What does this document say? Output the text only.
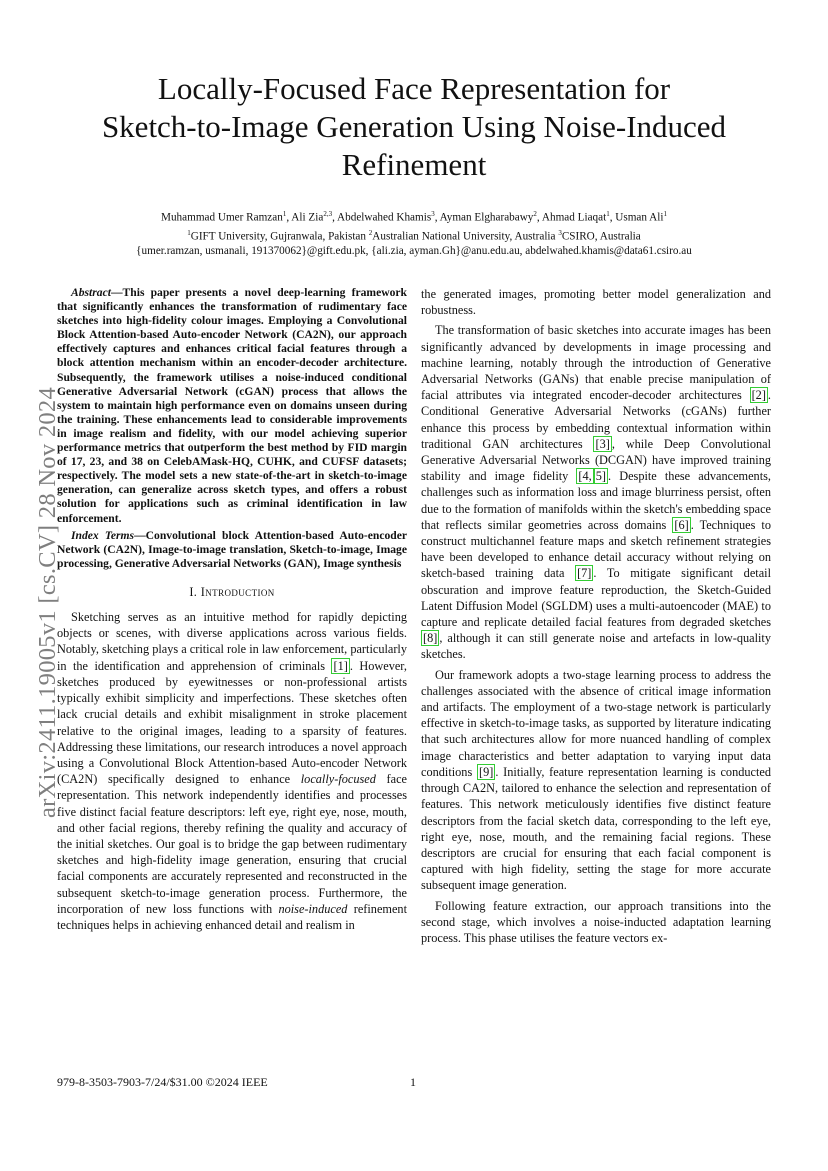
Locally-Focused Face Representation for
Sketch-to-Image Generation Using Noise-Induced
Refinement
Muhammad Umer Ramzan$^1$, Ali Zia$^{2,3}$, Abdelwahed Khamis$^3$, Ayman Elgharabawy$^2$, Ahmad Liaqat$^1$, Usman Ali$^1$
$^1$GIFT University, Gujranwala, Pakistan $^2$Australian National University, Australia $^3$CSIRO, Australia
{umer.ramzan, usmanali, 191370062}@gift.edu.pk, {ali.zia, ayman.Gh}@anu.edu.au, abdelwahed.khamis@data61.csiro.au
arXiv:2411.19005v1 [cs.CV] 28 Nov 2024

Abstract—This paper presents a novel deep-learning framework that significantly enhances the transformation of rudimentary face sketches into high-fidelity colour images. Employing a Convolutional Block Attention-based Auto-encoder Network (CA2N), our approach effectively captures and enhances critical facial features through a block attention mechanism within an encoder-decoder architecture. Subsequently, the framework utilises a noise-induced conditional Generative Adversarial Network (cGAN) process that allows the system to maintain high performance even on domains unseen during the training. These enhancements lead to considerable improvements in image realism and fidelity, with our model achieving superior performance metrics that outperform the best method by FID margin of 17, 23, and 38 on CelebAMask-HQ, CUHK, and CUFSF datasets; respectively. The model sets a new state-of-the-art in sketch-to-image generation, can generalize across sketch types, and offers a robust solution for applications such as criminal identification in law enforcement.

Index Terms—Convolutional block Attention-based Auto-encoder Network (CA2N), Image-to-image translation, Sketch-to-image, Image processing, Generative Adversarial Networks (GAN), Image synthesis

I. Introduction

Sketching serves as an intuitive method for rapidly depicting objects or scenes, with diverse applications across various fields. Notably, sketching plays a critical role in law enforcement, particularly in the identification and apprehension of criminals [1] . However, sketches produced by eyewitnesses or non-professional artists typically exhibit simplicity and imperfections. These sketches often lack crucial details and exhibit misalignment in stroke placement relative to the original images, leading to a sparsity of features. Addressing these limitations, our research introduces a novel approach using a Convolutional Block Attention-based Auto-encoder Network (CA2N) specifically designed to enhance locally-focused face representation. This network independently identifies and processes five distinct facial feature descriptors: left eye, right eye, nose, mouth, and other facial regions, thereby refining the quality and accuracy of the initial sketches. Our goal is to bridge the gap between rudimentary sketches and high-fidelity image generation, ensuring that crucial facial components are accurately represented and reconstructed in the subsequent sketch-to-image generation process. Furthermore, the incorporation of new loss functions with noise-induced refinement techniques helps in achieving enhanced detail and realism in

the generated images, promoting better model generalization and robustness.

The transformation of basic sketches into accurate images has been significantly advanced by developments in image processing and machine learning, notably through the introduction of Generative Adversarial Networks (GANs) that enable precise manipulation of facial attributes via integrated encoder-decoder architectures [2] . Conditional Generative Adversarial Networks (cGANs) further enhance this process by embedding contextual information within traditional GAN architectures [3] , while Deep Convolutional Generative Adversarial Networks (DCGAN) have improved training stability and image fidelity [4, 5] . Despite these advancements, challenges such as information loss and image blurriness persist, often due to the formation of manifolds within the sketch's embedding space that reflects similar geometries across domains [6] . Techniques to construct multichannel feature maps and sketch refinement strategies have been developed to enhance detail accuracy without relying on sketch-based training data [7] . To mitigate significant detail obscuration and improve feature reproduction, the Sketch-Guided Latent Diffusion Model (SGLDM) uses a multi-autoencoder (MAE) to capture and replicate detailed facial features from degraded sketches [8] , although it can still generate noise and artefacts in low-quality sketches.

Our framework adopts a two-stage learning process to address the challenges associated with the absence of critical image information and artifacts. The employment of a two-stage network is particularly effective in sketch-to-image tasks, as supported by literature indicating that such architectures allow for more nuanced handling of complex image characteristics and better adaptation to varying input data conditions [9] . Initially, feature representation learning is conducted through CA2N, tailored to enhance the selection and representation of features. This network meticulously identifies five distinct feature descriptors from the facial sketch data, corresponding to the left eye, right eye, nose, mouth, and the remaining facial regions. These descriptors are crucial for ensuring that each facial component is captured with high fidelity, setting the stage for more accurate subsequent image generation.

Following feature extraction, our approach transitions into the second stage, which involves a noise-inducted adaptation learning process. This phase utilises the feature vectors ex-

979-8-3503-7903-7/24/$31.00 ©2024 IEEE	1
